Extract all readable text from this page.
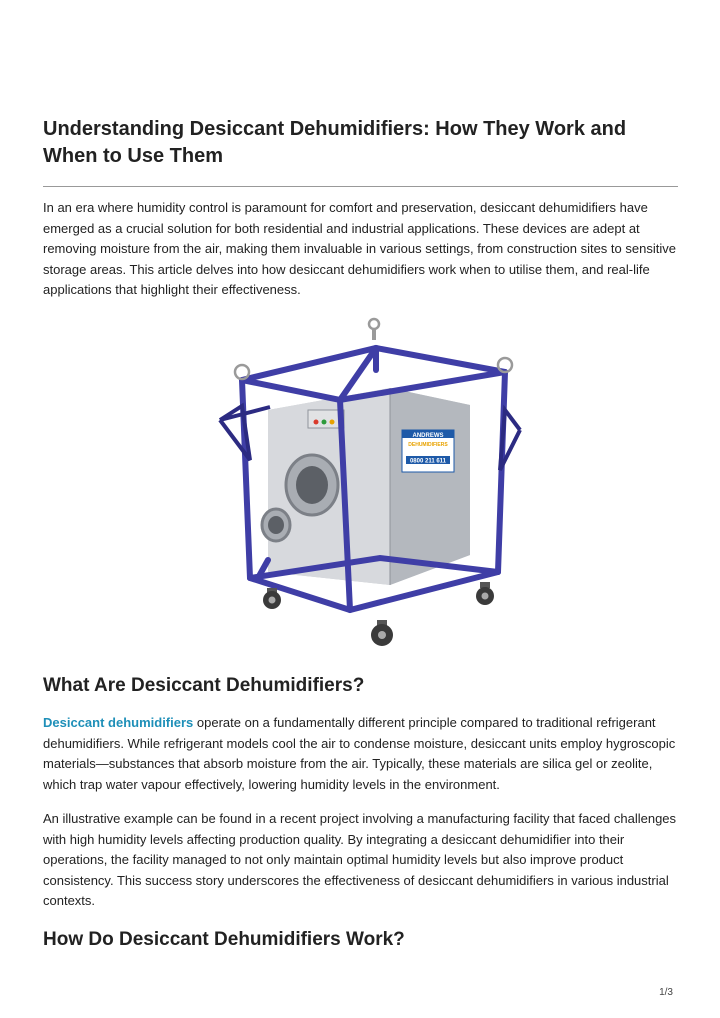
Understanding Desiccant Dehumidifiers: How They Work and When to Use Them

In an era where humidity control is paramount for comfort and preservation, desiccant dehumidifiers have emerged as a crucial solution for both residential and industrial applications. These devices are adept at removing moisture from the air, making them invaluable in various settings, from construction sites to sensitive storage areas. This article delves into how desiccant dehumidifiers work when to utilise them, and real-life applications that highlight their effectiveness.

ANDREWS
DEHUMIDIFIERS
0800 211 611
What Are Desiccant Dehumidifiers?

Desiccant dehumidifiers operate on a fundamentally different principle compared to traditional refrigerant dehumidifiers. While refrigerant models cool the air to condense moisture, desiccant units employ hygroscopic materials—substances that absorb moisture from the air. Typically, these materials are silica gel or zeolite, which trap water vapour effectively, lowering humidity levels in the environment.

An illustrative example can be found in a recent project involving a manufacturing facility that faced challenges with high humidity levels affecting production quality. By integrating a desiccant dehumidifier into their operations, the facility managed to not only maintain optimal humidity levels but also improve product consistency. This success story underscores the effectiveness of desiccant dehumidifiers in various industrial contexts.

How Do Desiccant Dehumidifiers Work?
1/3
